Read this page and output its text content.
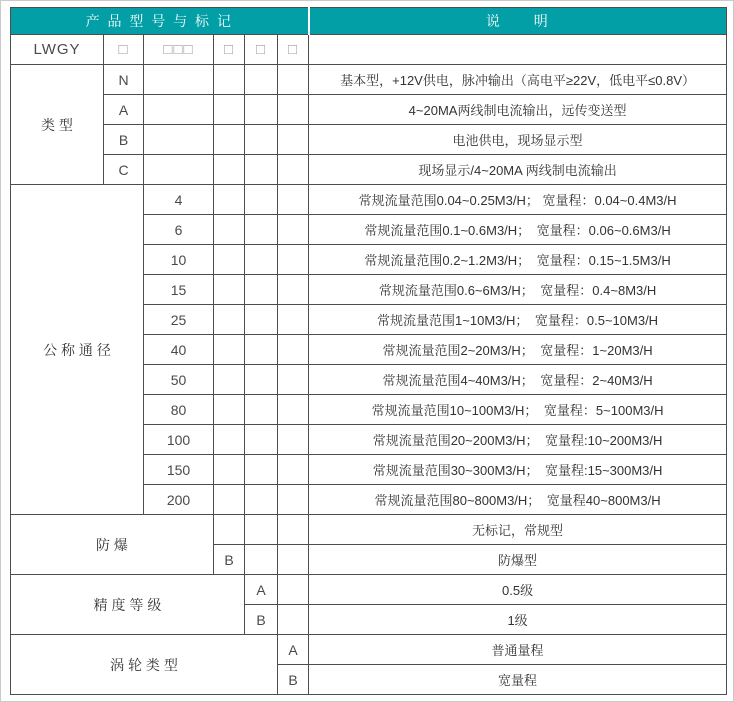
产 品 型 号 与 标 记						说　　明
LWGY	□	□□□	□	□	□	
类 型	N					基本型，+12V供电，脉冲输出（高电平≥22V，低电平≤0.8V）
	A					4~20MA两线制电流输出，远传变送型
	B					电池供电，现场显示型
	C					现场显示/4~20MA 两线制电流输出
公 称 通 径		4				常规流量范围0.04~0.25M3/H； 宽量程：0.04~0.4M3/H
		6				常规流量范围0.1~0.6M3/H；　宽量程：0.06~0.6M3/H
		10				常规流量范围0.2~1.2M3/H；　宽量程：0.15~1.5M3/H
		15				常规流量范围0.6~6M3/H；　宽量程：0.4~8M3/H
		25				常规流量范围1~10M3/H；　宽量程：0.5~10M3/H
		40				常规流量范围2~20M3/H；　宽量程：1~20M3/H
		50				常规流量范围4~40M3/H；　宽量程：2~40M3/H
		80				常规流量范围10~100M3/H；　宽量程：5~100M3/H
		100				常规流量范围20~200M3/H；　宽量程:10~200M3/H
		150				常规流量范围30~300M3/H；　宽量程:15~300M3/H
		200				常规流量范围80~800M3/H；　宽量程40~800M3/H
防 爆						无标记，常规型
			B			防爆型
精 度 等 级				A		0.5级
				B		1级
涡 轮 类 型					A	普通量程
					B	宽量程
